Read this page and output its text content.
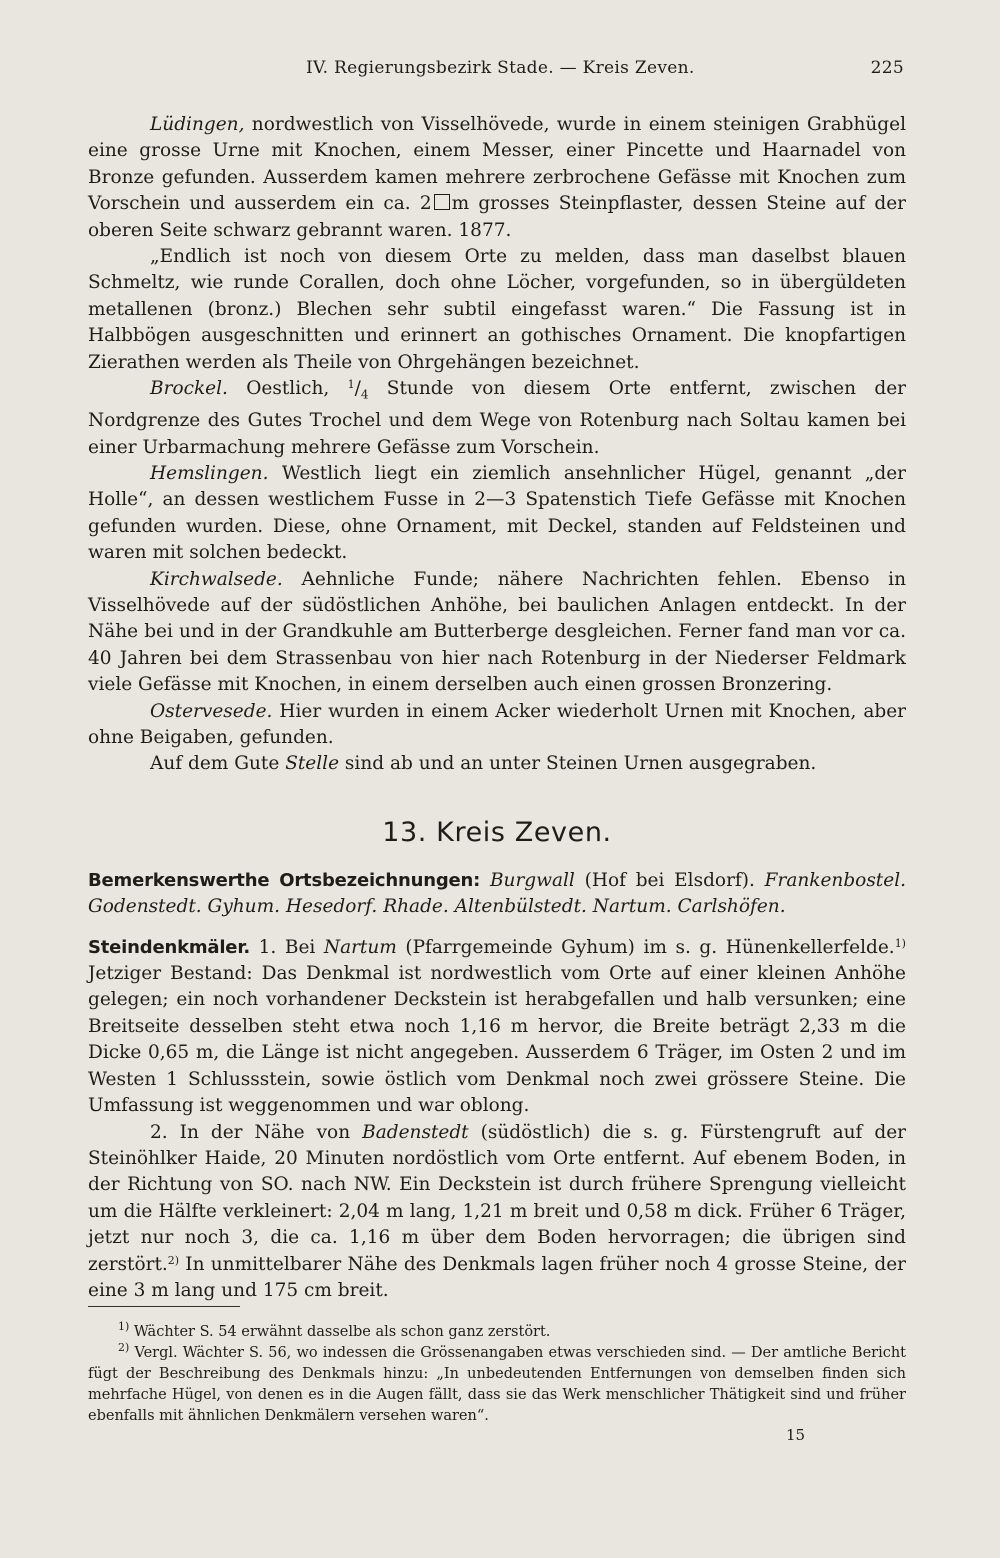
IV. Regierungsbezirk Stade. — Kreis Zeven.	225

Lüdingen, nordwestlich von Visselhövede, wurde in einem steinigen Grabhügel eine grosse Urne mit Knochen, einem Messer, einer Pincette und Haarnadel von Bronze gefunden. Ausserdem kamen mehrere zerbrochene Gefässe mit Knochen zum Vorschein und ausserdem ein ca. 2 m grosses Steinpflaster, dessen Steine auf der oberen Seite schwarz gebrannt waren. 1877.

„Endlich ist noch von diesem Orte zu melden, dass man daselbst blauen Schmeltz, wie runde Corallen, doch ohne Löcher, vorgefunden, so in übergüldeten metallenen (bronz.) Blechen sehr subtil eingefasst waren.“ Die Fassung ist in Halbbögen ausgeschnitten und erinnert an gothisches Ornament. Die knopfartigen Zierathen werden als Theile von Ohrgehängen bezeichnet.

Brockel. Oestlich, $^1/_4$ Stunde von diesem Orte entfernt, zwischen der Nordgrenze des Gutes Trochel und dem Wege von Rotenburg nach Soltau kamen bei einer Urbarmachung mehrere Gefässe zum Vorschein.

Hemslingen. Westlich liegt ein ziemlich ansehnlicher Hügel, genannt „der Holle“, an dessen westlichem Fusse in 2—3 Spatenstich Tiefe Gefässe mit Knochen gefunden wurden. Diese, ohne Ornament, mit Deckel, standen auf Feldsteinen und waren mit solchen bedeckt.

Kirchwalsede. Aehnliche Funde; nähere Nachrichten fehlen. Ebenso in Visselhövede auf der südöstlichen Anhöhe, bei baulichen Anlagen entdeckt. In der Nähe bei und in der Grandkuhle am Butterberge desgleichen. Ferner fand man vor ca. 40 Jahren bei dem Strassenbau von hier nach Rotenburg in der Niederser Feldmark viele Gefässe mit Knochen, in einem derselben auch einen grossen Bronzering.

Ostervesede. Hier wurden in einem Acker wiederholt Urnen mit Knochen, aber ohne Beigaben, gefunden.

Auf dem Gute Stelle sind ab und an unter Steinen Urnen ausgegraben.

13. Kreis Zeven.

Bemerkenswerthe Ortsbezeichnungen: Burgwall (Hof bei Elsdorf). Frankenbostel. Godenstedt. Gyhum. Hesedorf. Rhade. Altenbülstedt. Nartum. Carlshöfen.

Steindenkmäler. 1. Bei Nartum (Pfarrgemeinde Gyhum) im s. g. Hünenkellerfelde.$^{1)}$ Jetziger Bestand: Das Denkmal ist nordwestlich vom Orte auf einer kleinen Anhöhe gelegen; ein noch vorhandener Deckstein ist herabgefallen und halb versunken; eine Breitseite desselben steht etwa noch 1,16 m hervor, die Breite beträgt 2,33 m die Dicke 0,65 m, die Länge ist nicht angegeben. Ausserdem 6 Träger, im Osten 2 und im Westen 1 Schlussstein, sowie östlich vom Denkmal noch zwei grössere Steine. Die Umfassung ist weggenommen und war oblong.

2. In der Nähe von Badenstedt (südöstlich) die s. g. Fürstengruft auf der Steinöhlker Haide, 20 Minuten nordöstlich vom Orte entfernt. Auf ebenem Boden, in der Richtung von SO. nach NW. Ein Deckstein ist durch frühere Sprengung vielleicht um die Hälfte verkleinert: 2,04 m lang, 1,21 m breit und 0,58 m dick. Früher 6 Träger, jetzt nur noch 3, die ca. 1,16 m über dem Boden hervorragen; die übrigen sind zerstört.$^{2)}$ In unmittelbarer Nähe des Denkmals lagen früher noch 4 grosse Steine, der eine 3 m lang und 175 cm breit.

$^{1)}$ Wächter S. 54 erwähnt dasselbe als schon ganz zerstört.

$^{2)}$ Vergl. Wächter S. 56, wo indessen die Grössenangaben etwas verschieden sind. — Der amtliche Bericht fügt der Beschreibung des Denkmals hinzu: „In unbedeutenden Entfernungen von demselben finden sich mehrfache Hügel, von denen es in die Augen fällt, dass sie das Werk menschlicher Thätigkeit sind und früher ebenfalls mit ähnlichen Denkmälern versehen waren“.

15
